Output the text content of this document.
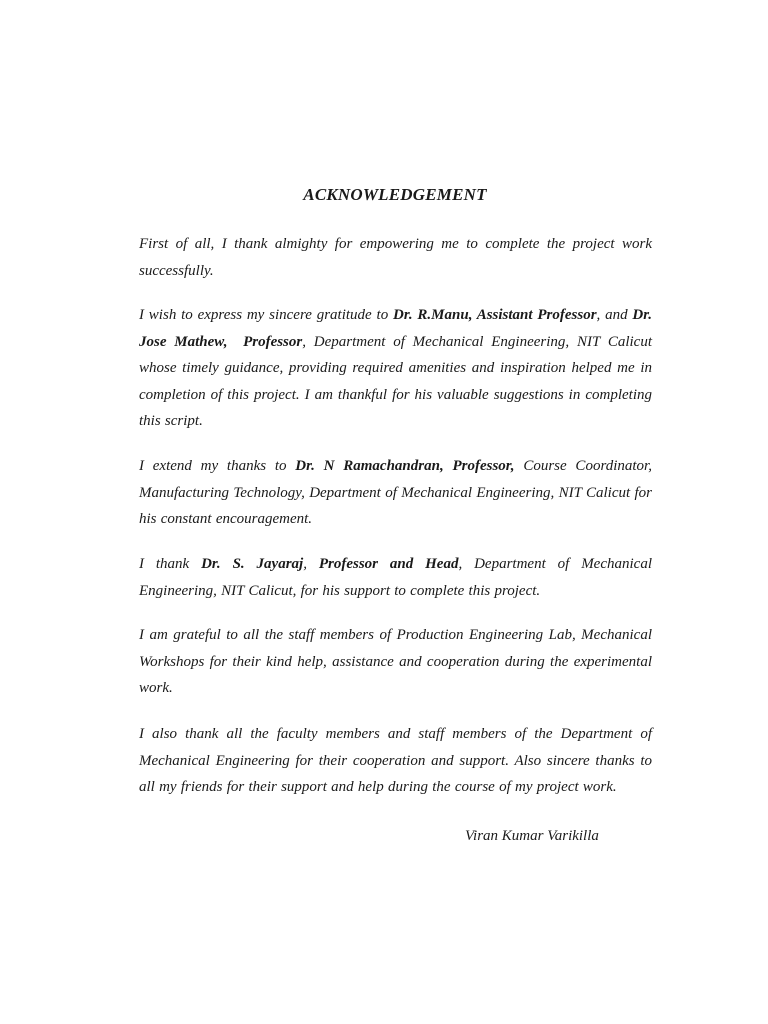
ACKNOWLEDGEMENT

First of all, I thank almighty for empowering me to complete the project work successfully.

I wish to express my sincere gratitude to Dr. R.Manu, Assistant Professor, and Dr. Jose Mathew,  Professor, Department of Mechanical Engineering, NIT Calicut whose timely guidance, providing required amenities and inspiration helped me in completion of this project. I am thankful for his valuable suggestions in completing this script.

I extend my thanks to Dr. N Ramachandran, Professor, Course Coordinator, Manufacturing Technology, Department of Mechanical Engineering, NIT Calicut for his constant encouragement.

I thank Dr. S. Jayaraj, Professor and Head, Department of Mechanical Engineering, NIT Calicut, for his support to complete this project.

I am grateful to all the staff members of Production Engineering Lab, Mechanical Workshops for their kind help, assistance and cooperation during the experimental work.

I also thank all the faculty members and staff members of the Department of Mechanical Engineering for their cooperation and support. Also sincere thanks to all my friends for their support and help during the course of my project work.

Viran Kumar Varikilla
